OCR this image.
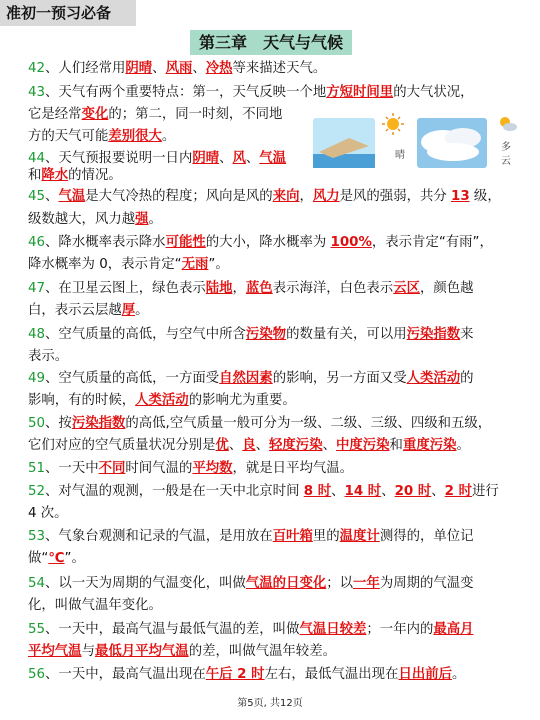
准初一预习必备
第三章　天气与气候
42、人们经常用阴晴、风雨、冷热等来描述天气。
43、天气有两个重要特点：第一，天气反映一个地方短时间里的大气状况，
它是经常变化的；第二，同一时刻，不同地
方的天气可能差别很大。
44、天气预报要说明一日内阴晴、风、气温
和降水的情况。
45、气温是大气冷热的程度；风向是风的来向，风力是风的强弱，共分 13 级，
级数越大，风力越强。
46、降水概率表示降水可能性的大小，降水概率为 100%，表示肯定“有雨”，
降水概率为 0，表示肯定“无雨”。
47、在卫星云图上，绿色表示陆地，蓝色表示海洋，白色表示云区，颜色越
白，表示云层越厚。
48、空气质量的高低，与空气中所含污染物的数量有关，可以用污染指数来
表示。
49、空气质量的高低，一方面受自然因素的影响，另一方面又受人类活动的
影响，有的时候，人类活动的影响尤为重要。
50、按污染指数的高低,空气质量一般可分为一级、二级、三级、四级和五级，
它们对应的空气质量状况分别是优、良、轻度污染、中度污染和重度污染。
51、一天中不同时间气温的平均数，就是日平均气温。
52、对气温的观测，一般是在一天中北京时间 8 时、14 时、20 时、2 时进行
4 次。
53、气象台观测和记录的气温，是用放在百叶箱里的温度计测得的，单位记
做“℃”。
54、以一天为周期的气温变化，叫做气温的日变化；以一年为周期的气温变
化，叫做气温年变化。
55、一天中，最高气温与最低气温的差，叫做气温日较差；一年内的最高月
平均气温与最低月平均气温的差，叫做气温年较差。
56、一天中，最高气温出现在午后 2 时左右，最低气温出现在日出前后。
晴
多
云
第5页, 共12页
